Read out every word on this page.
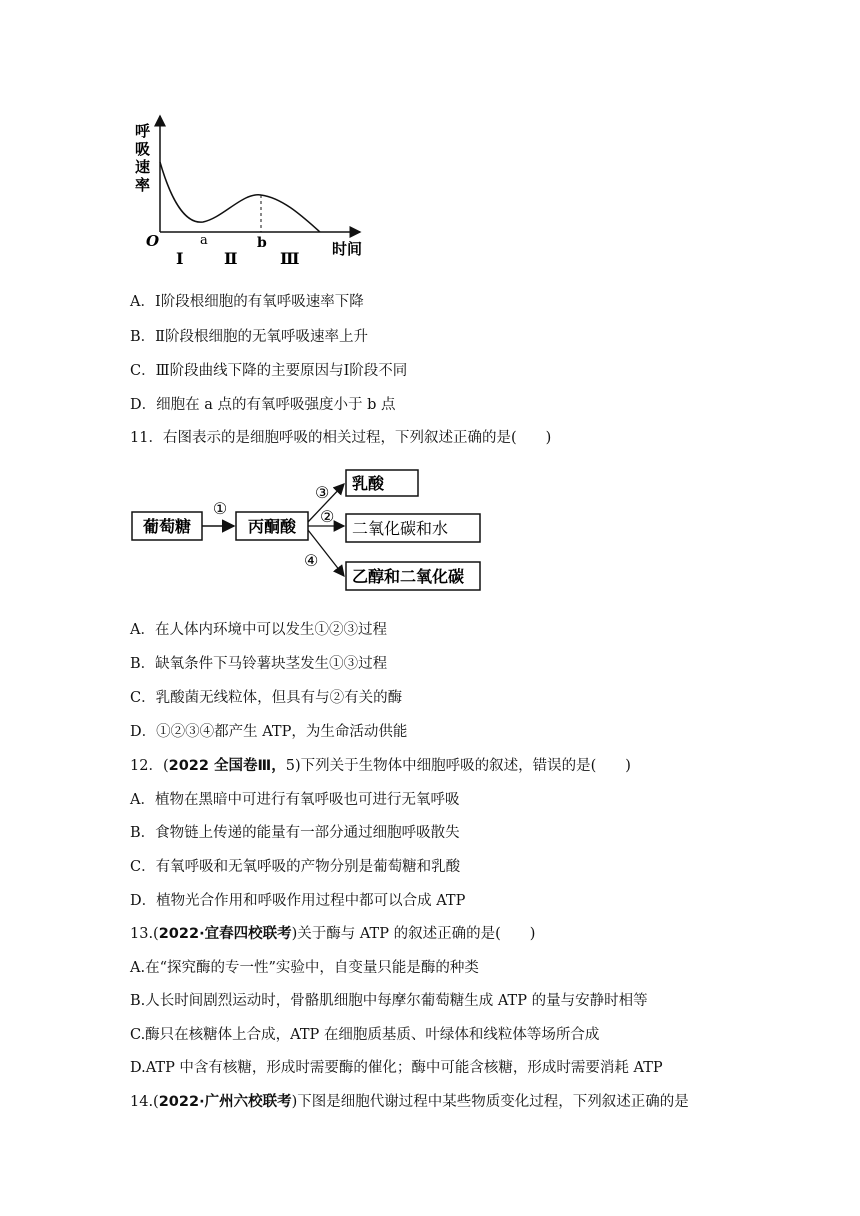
呼
吸
速
率
O	a	b
Ⅰ	Ⅱ	Ⅲ 时间
A．Ⅰ阶段根细胞的有氧呼吸速率下降
B．Ⅱ阶段根细胞的无氧呼吸速率上升
C．Ⅲ阶段曲线下降的主要原因与Ⅰ阶段不同
D．细胞在 a 点的有氧呼吸强度小于 b 点
11．右图表示的是细胞呼吸的相关过程，下列叙述正确的是(　　)
葡萄糖
①
丙酮酸
③
②
④
乳酸
二氧化碳和水
乙醇和二氧化碳
A．在人体内环境中可以发生①②③过程
B．缺氧条件下马铃薯块茎发生①③过程
C．乳酸菌无线粒体，但具有与②有关的酶
D．①②③④都产生 ATP，为生命活动供能
12．(2022 全国卷Ⅲ，5)下列关于生物体中细胞呼吸的叙述，错误的是(　　)
A．植物在黑暗中可进行有氧呼吸也可进行无氧呼吸
B．食物链上传递的能量有一部分通过细胞呼吸散失
C．有氧呼吸和无氧呼吸的产物分别是葡萄糖和乳酸
D．植物光合作用和呼吸作用过程中都可以合成 ATP
13.(2022·宜春四校联考)关于酶与 ATP 的叙述正确的是(　　)
A.在“探究酶的专一性”实验中，自变量只能是酶的种类
B.人长时间剧烈运动时，骨骼肌细胞中每摩尔葡萄糖生成 ATP 的量与安静时相等
C.酶只在核糖体上合成，ATP 在细胞质基质、叶绿体和线粒体等场所合成
D.ATP 中含有核糖，形成时需要酶的催化；酶中可能含核糖，形成时需要消耗 ATP
14.(2022·广州六校联考)下图是细胞代谢过程中某些物质变化过程，下列叙述正确的是
